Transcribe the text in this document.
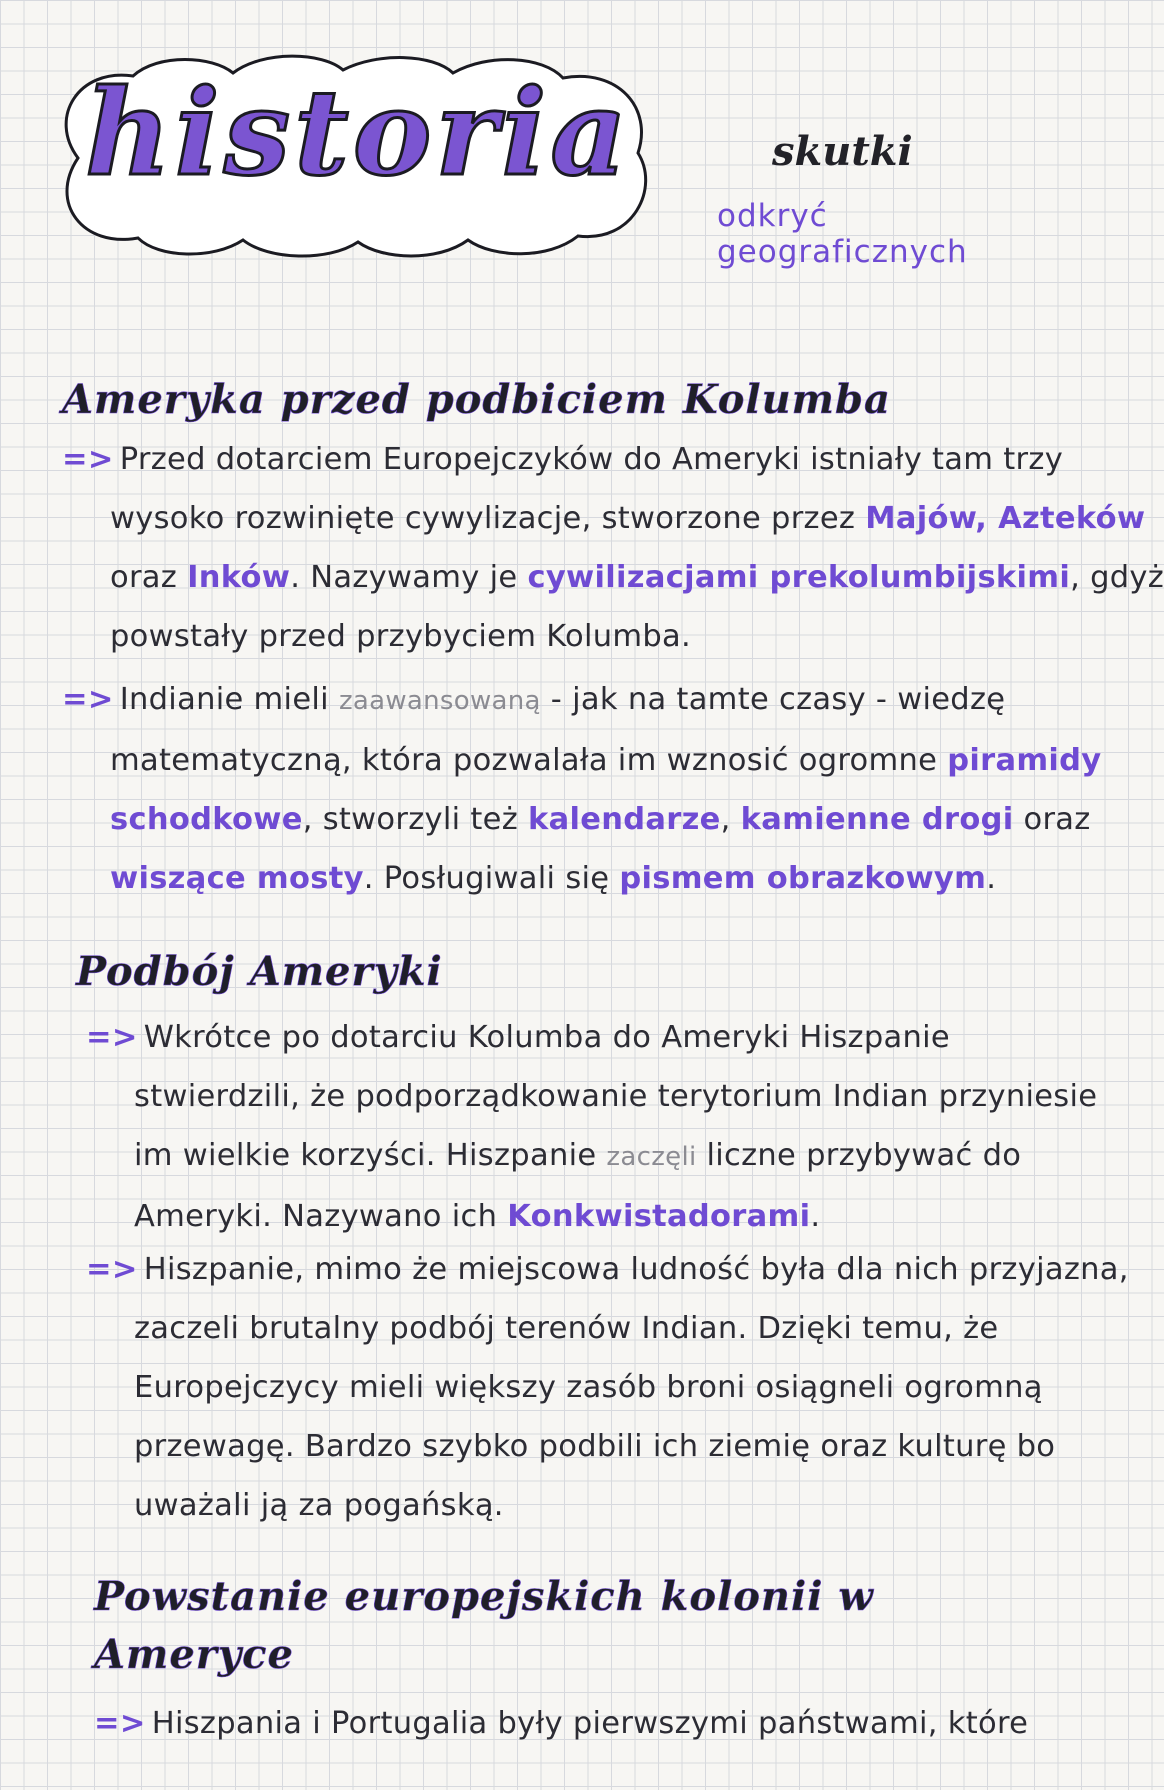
historia	skutki
odkryć geograficznych
Ameryka przed podbiciem Kolumba
=> Przed dotarciem Europejczyków do Ameryki istniały tam trzy
wysoko rozwinięte cywylizacje, stworzone przez Majów, Azteków
oraz Inków. Nazywamy je cywilizacjami prekolumbijskimi, gdyż
powstały przed przybyciem Kolumba.
=> Indianie mieli zaawansowaną - jak na tamte czasy - wiedzę
matematyczną, która pozwalała im wznosić ogromne piramidy
schodkowe, stworzyli też kalendarze, kamienne drogi oraz
wiszące mosty. Posługiwali się pismem obrazkowym.
Podbój Ameryki
=> Wkrótce po dotarciu Kolumba do Ameryki Hiszpanie
stwierdzili, że podporządkowanie terytorium Indian przyniesie
im wielkie korzyści. Hiszpanie zaczęli liczne przybywać do
Ameryki. Nazywano ich Konkwistadorami.
=> Hiszpanie, mimo że miejscowa ludność była dla nich przyjazna,
zaczeli brutalny podbój terenów Indian. Dzięki temu, że
Europejczycy mieli większy zasób broni osiągneli ogromną
przewagę. Bardzo szybko podbili ich ziemię oraz kulturę bo
uważali ją za pogańską.
Powstanie europejskich kolonii w Ameryce
=> Hiszpania i Portugalia były pierwszymi państwami, które
